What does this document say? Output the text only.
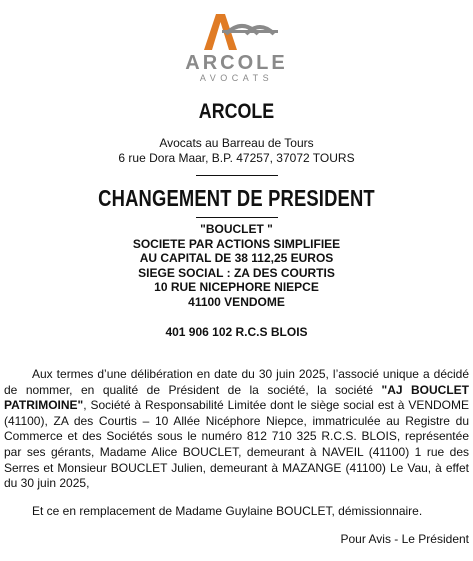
ARCOLE
AVOCATS
ARCOLE
Avocats au Barreau de Tours
6 rue Dora Maar, B.P. 47257, 37072 TOURS
CHANGEMENT DE PRESIDENT
"BOUCLET "
SOCIETE PAR ACTIONS SIMPLIFIEE
AU CAPITAL DE 38 112,25 EUROS
SIEGE SOCIAL : ZA DES COURTIS
10 RUE NICEPHORE NIEPCE
41100 VENDOME
401 906 102 R.C.S BLOIS

Aux termes d’une délibération en date du 30 juin 2025, l’associé unique a décidé de nommer, en qualité de Président de la société, la société "AJ BOUCLET PATRIMOINE", Société à Responsabilité Limitée dont le siège social est à VENDOME (41100), ZA des Courtis – 10 Allée Nicéphore Niepce, immatriculée au Registre du Commerce et des Sociétés sous le numéro 812 710 325 R.C.S. BLOIS, représentée par ses gérants, Madame Alice BOUCLET, demeurant à NAVEIL (41100) 1 rue des Serres et Monsieur BOUCLET Julien, demeurant à MAZANGE (41100) Le Vau, à effet du 30 juin 2025,

Et ce en remplacement de Madame Guylaine BOUCLET, démissionnaire.

Pour Avis - Le Président
